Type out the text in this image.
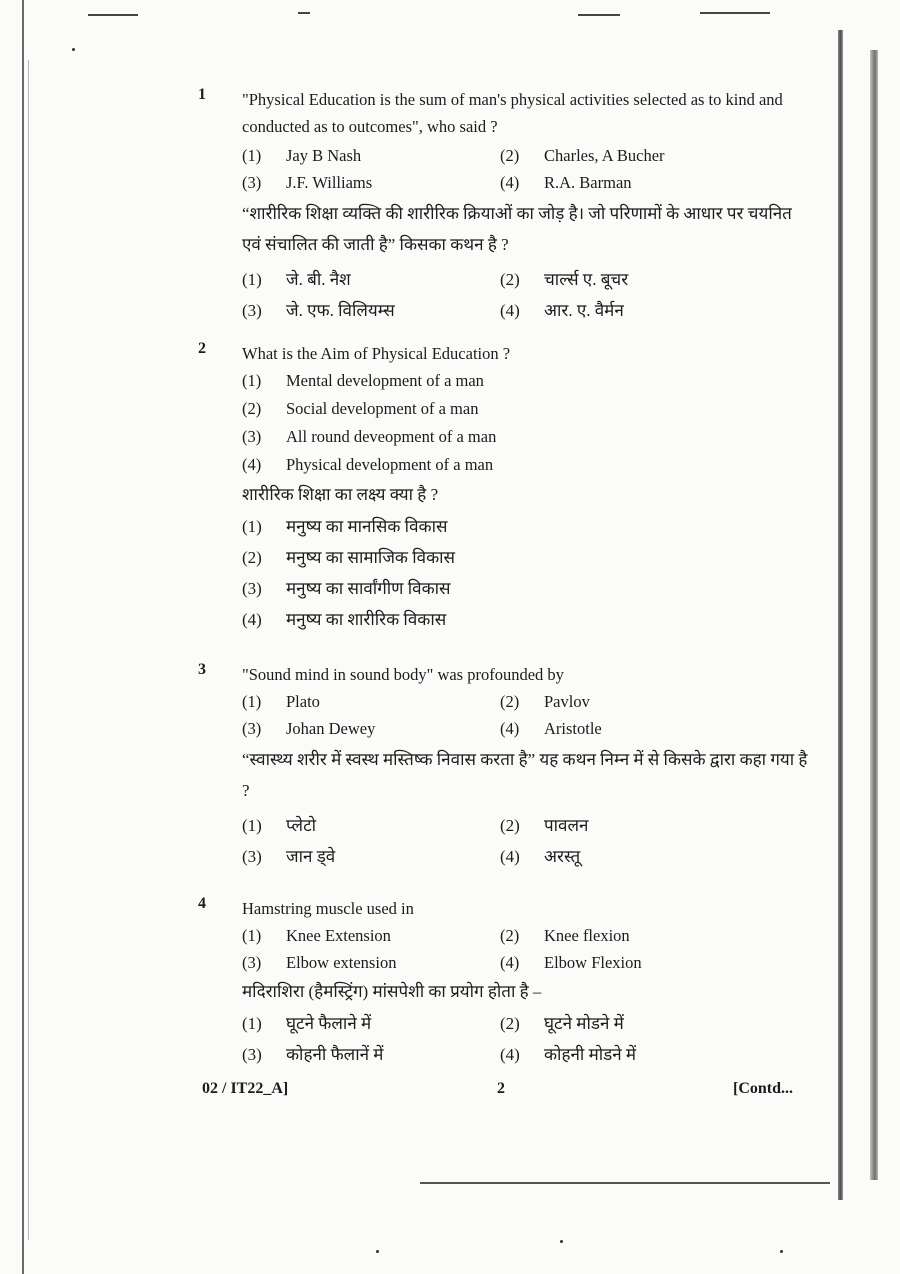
1 "Physical Education is the sum of man's physical activities selected as to kind and conducted as to outcomes", who said ?

(1) Jay B Nash	(2) Charles, A Bucher
(3) J.F. Williams	(4) R.A. Barman

“शारीरिक शिक्षा व्यक्ति की शारीरिक क्रियाओं का जोड़ है। जो परिणामों के आधार पर चयनित एवं संचालित की जाती है” किसका कथन है ?

(1) जे. बी. नैश	(2) चार्ल्स ए. बूचर
(3) जे. एफ. विलियम्स	(4) आर. ए. वैर्मन
2 What is the Aim of Physical Education ?

(1) Mental development of a man
(2) Social development of a man
(3) All round deveopment of a man
(4) Physical development of a man

शारीरिक शिक्षा का लक्ष्य क्या है ?

(1) मनुष्य का मानसिक विकास
(2) मनुष्य का सामाजिक विकास
(3) मनुष्य का सार्वांगीण विकास
(4) मनुष्य का शारीरिक विकास
3 "Sound mind in sound body" was profounded by

(1) Plato	(2) Pavlov
(3) Johan Dewey	(4) Aristotle

“स्वास्थ्य शरीर में स्वस्थ मस्तिष्क निवास करता है” यह कथन निम्न में से किसके द्वारा कहा गया है ?

(1) प्लेटो	(2) पावलन
(3) जान ड्वे	(4) अरस्तू
4 Hamstring muscle used in

(1) Knee Extension	(2) Knee flexion
(3) Elbow extension	(4) Elbow Flexion

मदिराशिरा (हैमस्ट्रिंग) मांसपेशी का प्रयोग होता है –

(1) घूटने फैलाने में	(2) घूटने मोडने में
(3) कोहनी फैलानें में	(4) कोहनी मोडने में
02 / IT22_A]	2	[Contd...
